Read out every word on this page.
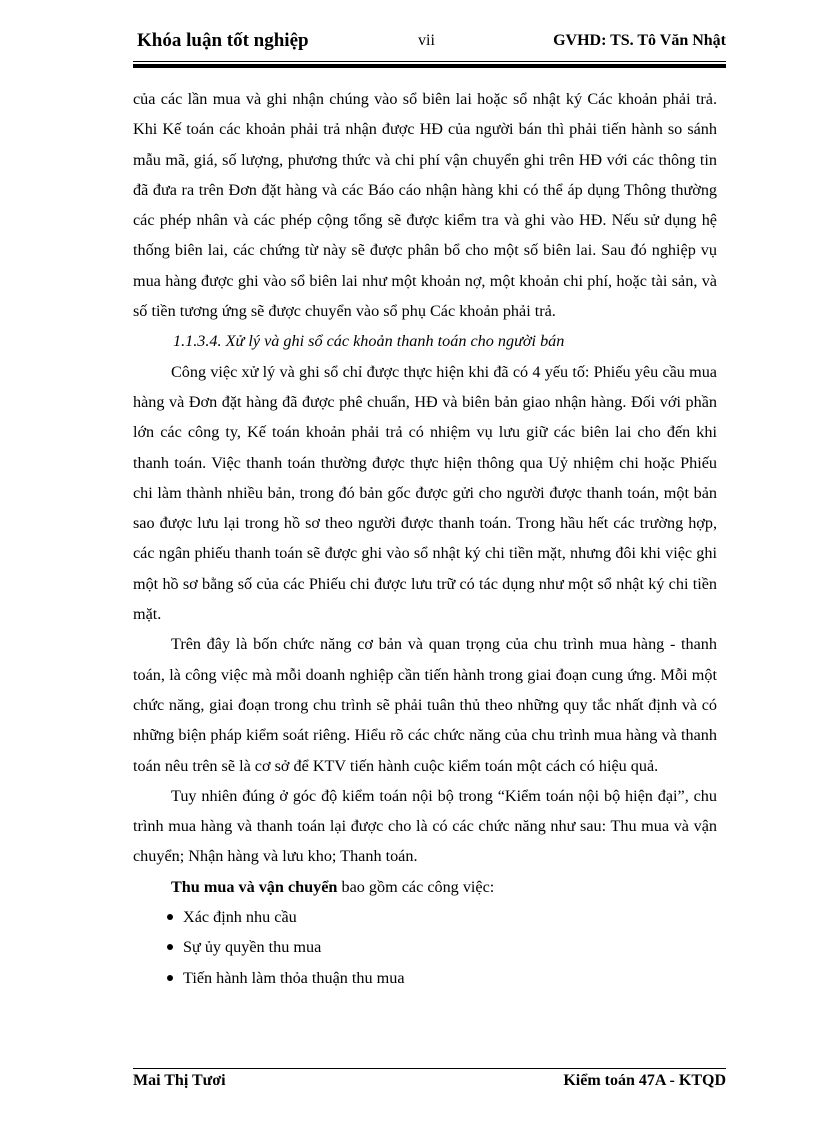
Khóa luận tốt nghiệp	vii	GVHD: TS. Tô Văn Nhật

của các lần mua và ghi nhận chúng vào sổ biên lai hoặc sổ nhật ký Các khoản phải trả. Khi Kế toán các khoản phải trả nhận được HĐ của người bán thì phải tiến hành so sánh mẫu mã, giá, số lượng, phương thức và chi phí vận chuyển ghi trên HĐ với các thông tin đã đưa ra trên Đơn đặt hàng và các Báo cáo nhận hàng khi có thể áp dụng Thông thường các phép nhân và các phép cộng tổng sẽ được kiểm tra và ghi vào HĐ. Nếu sử dụng hệ thống biên lai, các chứng từ này sẽ được phân bổ cho một số biên lai. Sau đó nghiệp vụ mua hàng được ghi vào sổ biên lai như một khoản nợ, một khoản chi phí, hoặc tài sản, và số tiền tương ứng sẽ được chuyển vào sổ phụ Các khoản phải trả.

1.1.3.4. Xử lý và ghi sổ các khoản thanh toán cho người bán

Công việc xử lý và ghi sổ chỉ được thực hiện khi đã có 4 yếu tố: Phiếu yêu cầu mua hàng và Đơn đặt hàng đã được phê chuẩn, HĐ và biên bản giao nhận hàng. Đối với phần lớn các công ty, Kế toán khoản phải trả có nhiệm vụ lưu giữ các biên lai cho đến khi thanh toán. Việc thanh toán thường được thực hiện thông qua Uỷ nhiệm chi hoặc Phiếu chi làm thành nhiều bản, trong đó bản gốc được gửi cho người được thanh toán, một bản sao được lưu lại trong hồ sơ theo người được thanh toán. Trong hầu hết các trường hợp, các ngân phiếu thanh toán sẽ được ghi vào sổ nhật ký chi tiền mặt, nhưng đôi khi việc ghi một hồ sơ bằng số của các Phiếu chi được lưu trữ có tác dụng như một sổ nhật ký chi tiền mặt.

Trên đây là bốn chức năng cơ bản và quan trọng của chu trình mua hàng - thanh toán, là công việc mà mỗi doanh nghiệp cần tiến hành trong giai đoạn cung ứng. Mỗi một chức năng, giai đoạn trong chu trình sẽ phải tuân thủ theo những quy tắc nhất định và có những biện pháp kiểm soát riêng. Hiểu rõ các chức năng của chu trình mua hàng và thanh toán nêu trên sẽ là cơ sở để KTV tiến hành cuộc kiểm toán một cách có hiệu quả.

Tuy nhiên đúng ở góc độ kiểm toán nội bộ trong “Kiểm toán nội bộ hiện đại”, chu trình mua hàng và thanh toán lại được cho là có các chức năng như sau: Thu mua và vận chuyển; Nhận hàng và lưu kho; Thanh toán.

Thu mua và vận chuyển bao gồm các công việc:

Xác định nhu cầu
Sự ủy quyền thu mua
Tiến hành làm thỏa thuận thu mua
Mai Thị Tươi	Kiểm toán 47A - KTQD
